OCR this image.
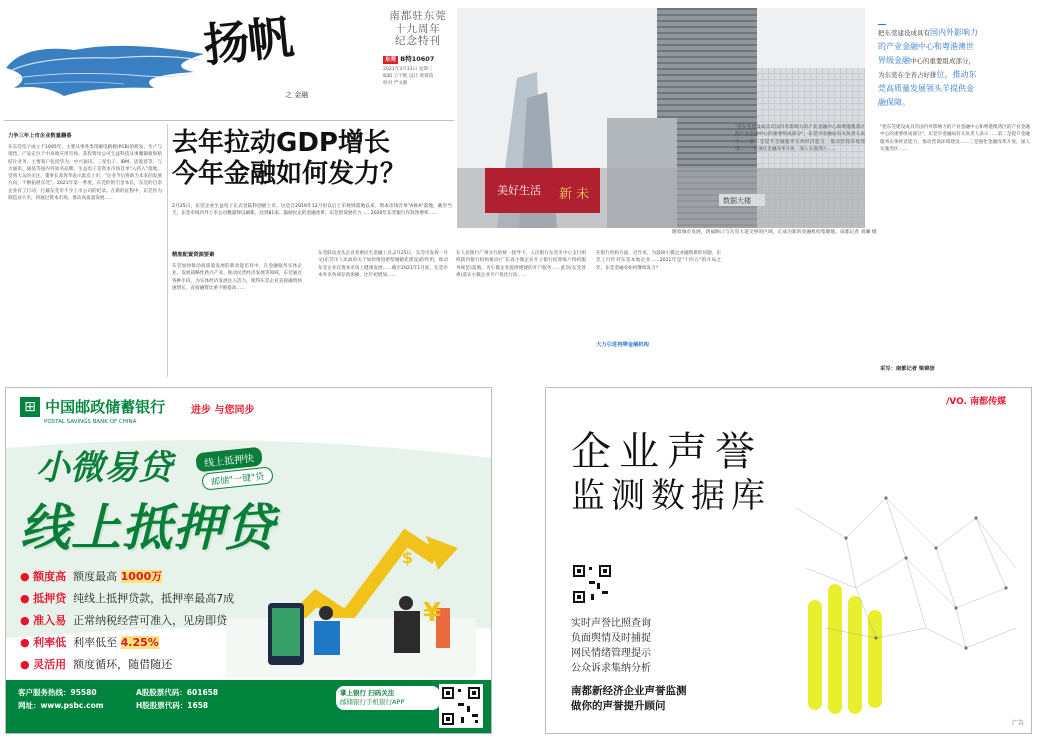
扬帆
之 金融
南都驻东莞
十九周年
纪念特刊
东莞 B特10607
2021年3月31日 星期三
编辑 王宇熙 设计 黄倩茵
校对 严文静
力争三年上市企业数量翻番
在东莞电子成立于1995年，主要从事各类印刷电路板(PCB)的研发、生产与销售，产品定位于中高端应用市场。其投资母公司生益科技从事覆铜板和粘结片业务，主要客户包括华为、中兴通讯、三星电子、IBM、思爱普等，与大通讯、通基等国内外知名品牌。生益电子是资本市场首单"入药入"落地，受到大众的关注。董事长邓春华表示此次上市，"企业今后将助力未来的发展方向，不断拓展东莞"。2021年第一季度，东莞的的引金本长，东莞的百余企业有了行动，打破东莞市不少上市公司的纪录。在新的征程中，东莞作为制造业大市，将通过资本市场，推动高质量发展……
去年拉动GDP增长
今年金融如何发力？
2月25日，东莞企业生益电子正式登陆科创板上市，这是自2019年12月份以后上市规则落地以来，资本市场首单"A拆A"落地，截至当天，东莞市境内外上市公司数量得以刷新，达到81家。鼓励民企的金融改革，东莞的发展有力……2020年东莞银行存款净增率……
美好生活 新 未	数据大楼
随着城市发展，鸿福路口与东莞大道交界的区域，正成为新的金融机构集聚地。南都记者 刘斓 摄
把东莞建设成具有国内外影响力的产业金融中心和粤港澳世界级金融中心的重要组成部分，为东莞在全省占好排位，推动东莞高质量发展领头羊提供金融保障。
精准配置资源要素
东莞加快推动高质量发展的新动能培育中，在金融服务实体企业、发展战略性新兴产业、推动民营经济发展等领域，东莞通过各种手段，为实体经济发展注入活力，使得东莞企业直接融资快速增长，直接融资比重不断提高……
东莞联动龙头企业普惠民生金融工具,2月25日，东莞市发挥一号文(东莞市人民政府关于加快推进新型城镇化建设)的作用，推动东莞企业在资本市场上健康发展……截至2021年1月底，东莞市本外币各项存款余额，比年初增加……
在人民银行广州分行的统一指导下，人民银行东莞市中心支行组织辖内银行机构推动(广东省小微企业开立银行结算账户特约服务规范)落地，为小微企业提供便捷的开户服务……此次(东莞普惠)落实小微企业开户优化行动……
在银行机构方面，近年来，为鼓励小微企业融资难的问题，东莞工行针对东莞本地企业……2021年是"十四五"的开局之年，东莞金融业如何继续发力？
大力引进持牌金融机构
"把东莞建设成具有国内外影响力的产业金融中心和粤港澳湾区的产业金融中心的重要组成部分"，东莞市金融局有关负责人表示……第二是提升金融服务实体经济能力，推动营商环境建设……三是强化金融改革开放，深入实施湾区……
"把东莞建设成具有国内外影响力的产业金融中心和粤港澳湾区的产业金融中心的重要组成部分"，东莞市金融局有关负责人表示……第二是提升金融服务实体经济能力，推动营商环境建设……三是强化金融改革开放，深入实施湾区……
采写：南都记者 梁锦崇
⊞ 中国邮政储蓄银行
POSTAL SAVINGS BANK OF CHINA
进步 与您同步
小微易贷	线上抵押快
邮储"一键"贷
线上抵押贷
¥
$
● 额度高 额度最高 1000万
● 抵押贷 纯线上抵押贷款，抵押率最高7成
● 准入易 正常纳税经营可准入，见房即贷
● 利率低 利率低至 4.25%
● 灵活用 额度循环，随借随还
客户服务热线：95580
网址：www.psbc.com
A股股票代码：601658
H股股票代码：1658
掌上银行 扫码关注
邮储银行手机银行APP
/VO. 南都传媒
企业声誉
监测数据库
实时声誉比照查询
负面舆情及时捕捉
网民情绪管理提示
公众诉求集纳分析
南都新经济企业声誉监测
做你的声誉提升顾问
广告
